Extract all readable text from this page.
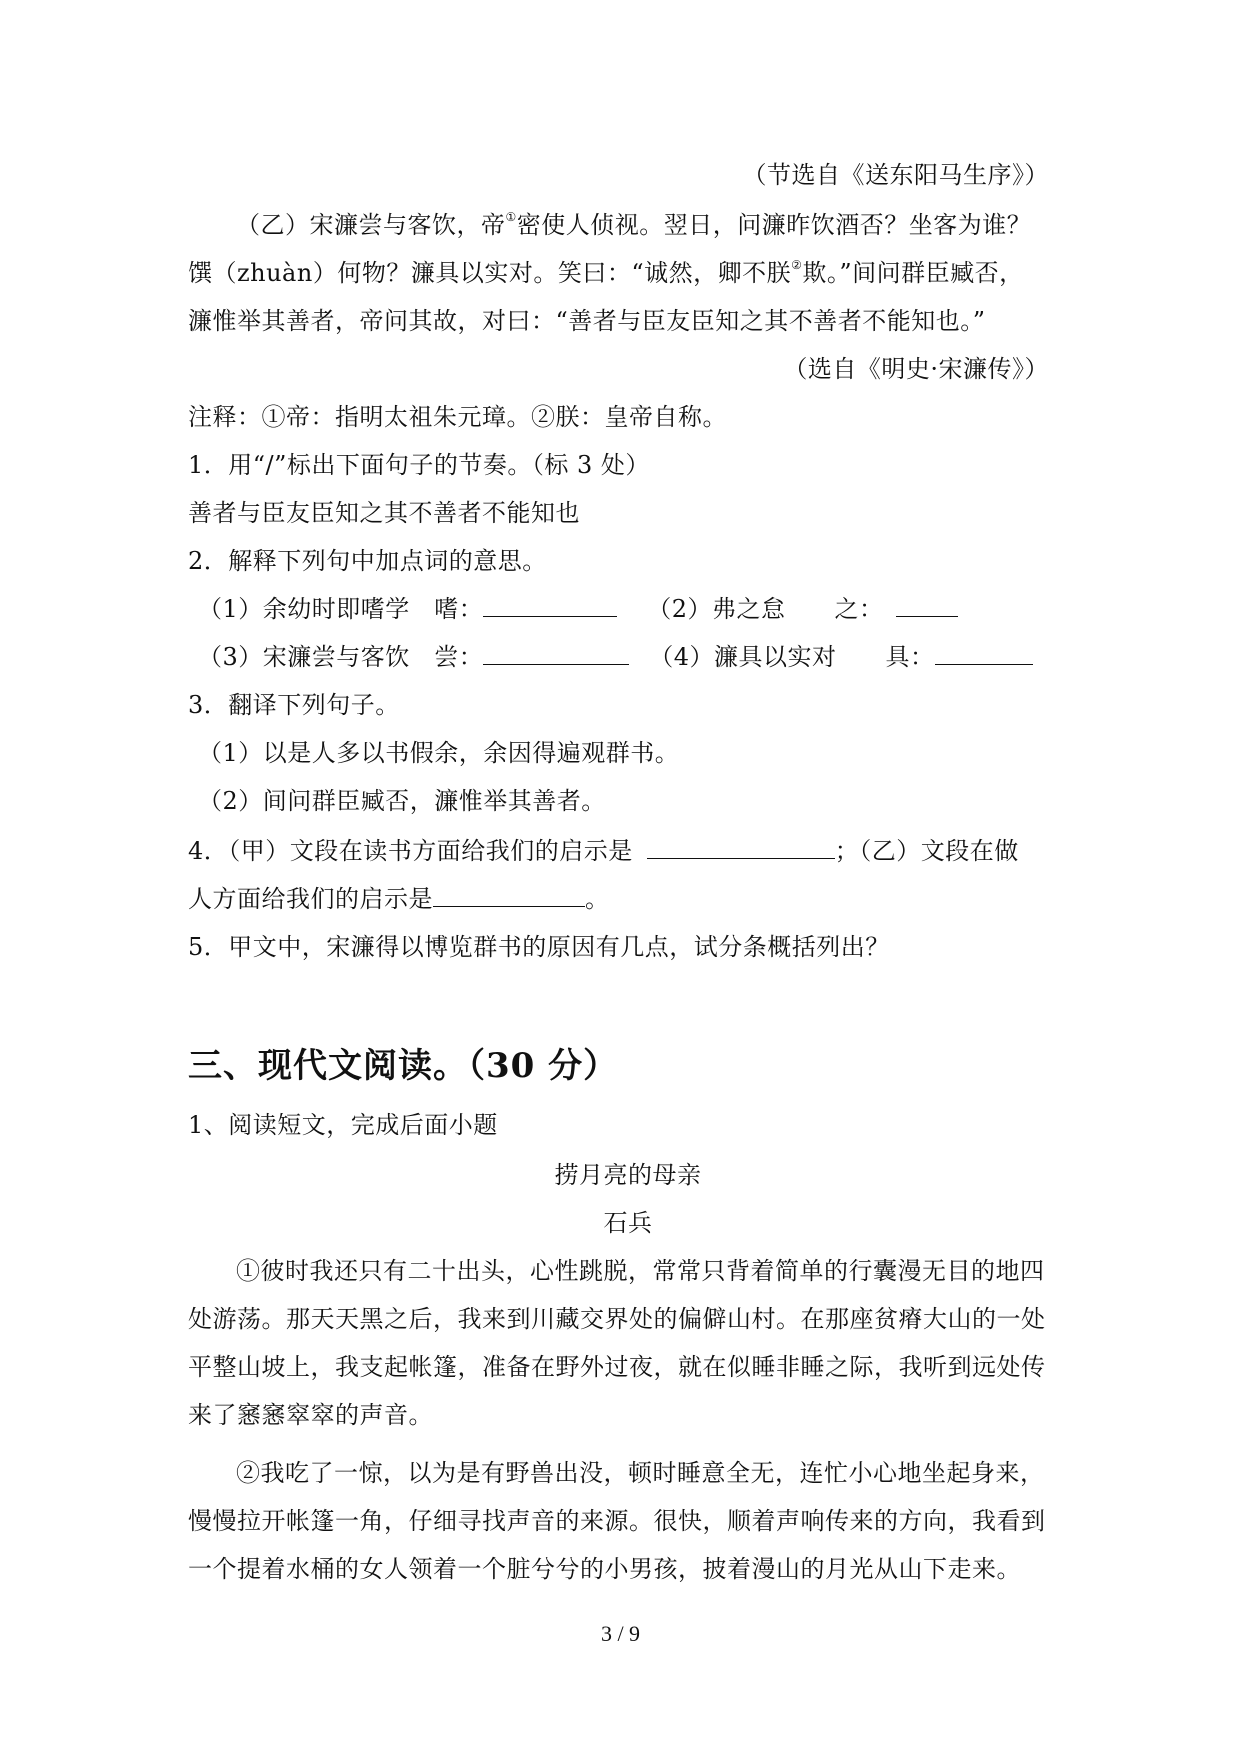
（节选自《送东阳马生序》）
（乙）宋濂尝与客饮，帝①密使人侦视。翌日，问濂昨饮酒否？坐客为谁？
馔（zhuàn）何物？濂具以实对。笑曰：“诚然，卿不朕②欺。”间问群臣臧否，
濂惟举其善者，帝问其故，对曰：“善者与臣友臣知之其不善者不能知也。”
（选自《明史·宋濂传》）
注释：①帝：指明太祖朱元璋。②朕：皇帝自称。
1．用“/”标出下面句子的节奏。（标 3 处）
善者与臣友臣知之其不善者不能知也
2．解释下列句中加点词的意思。
（1）余幼时即嗜学　嗜：	（2）弗之怠　　之：
（3）宋濂尝与客饮　尝：	（4）濂具以实对　　具：
3．翻译下列句子。
（1）以是人多以书假余，余因得遍观群书。
（2）间问群臣臧否，濂惟举其善者。
4．（甲）文段在读书方面给我们的启示是	；（乙）文段在做
人方面给我们的启示是	。
5．甲文中，宋濂得以博览群书的原因有几点，试分条概括列出？
三、现代文阅读。（30 分）
1、阅读短文，完成后面小题
捞月亮的母亲
石兵
①彼时我还只有二十出头，心性跳脱，常常只背着简单的行囊漫无目的地四
处游荡。那天天黑之后，我来到川藏交界处的偏僻山村。在那座贫瘠大山的一处
平整山坡上，我支起帐篷，准备在野外过夜，就在似睡非睡之际，我听到远处传
来了窸窸窣窣的声音。
②我吃了一惊，以为是有野兽出没，顿时睡意全无，连忙小心地坐起身来，
慢慢拉开帐篷一角，仔细寻找声音的来源。很快，顺着声响传来的方向，我看到
一个提着水桶的女人领着一个脏兮兮的小男孩，披着漫山的月光从山下走来。
3 / 9
